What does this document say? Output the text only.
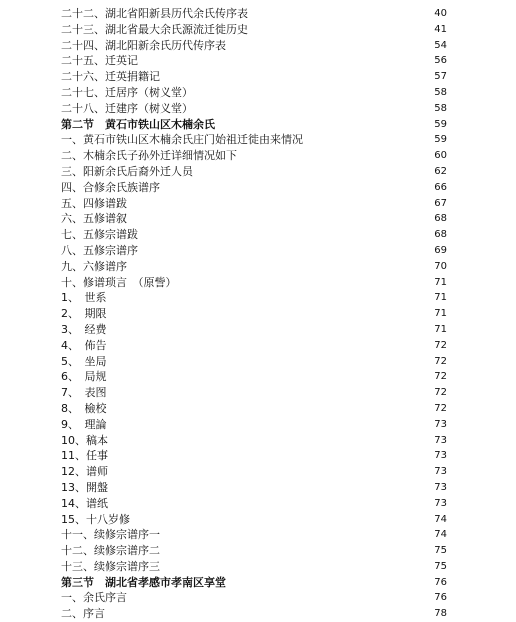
二十二、湖北省阳新县历代余氏传序表	40
二十三、湖北省最大余氏源流迁徙历史	41
二十四、湖北阳新余氏历代传序表	54
二十五、迁英记	56
二十六、迁英捐籍记	57
二十七、迁居序（树义堂）	58
二十八、迁建序（树义堂）	58
第二节　黄石市铁山区木楠余氏	59
一、黄石市铁山区木楠余氏庄门始祖迁徙由来情况	59
二、木楠余氏子孙外迁详细情况如下	60
三、阳新余氏后裔外迁人员	62
四、合修余氏族谱序	66
五、四修谱跋	67
六、五修谱叙	68
七、五修宗谱跋	68
八、五修宗谱序	69
九、六修谱序	70
十、修谱琐言　（原訾）	71
1、　世系	71
2、　期限	71
3、　经费	71
4、　佈告	72
5、　坐局	72
6、　局规	72
7、　表图	72
8、　檢校	72
9、　理論	73
10、稿本	73
11、任事	73
12、谱师	73
13、開盤	73
14、谱纸	73
15、十八岁修	74
十一、续修宗谱序一	74
十二、续修宗谱序二	75
十三、续修宗谱序三	75
第三节　湖北省孝感市孝南区享堂	76
一、余氏序言	76
二、序言	78
